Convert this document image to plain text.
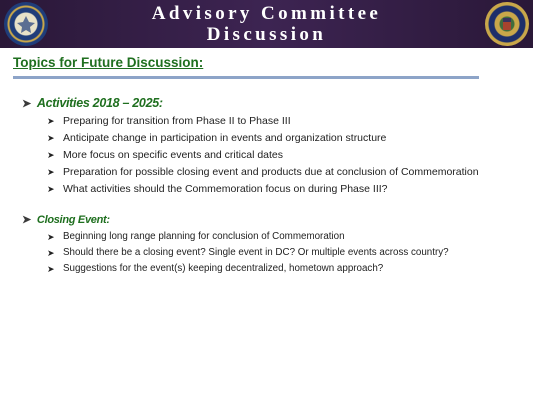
Advisory Committee
Discussion
Topics for Future Discussion:
➤ Activities 2018 – 2025:
➤ Preparing for transition from Phase II to Phase III
➤ Anticipate change in participation in events and organization structure
➤ More focus on specific events and critical dates
➤ Preparation for possible closing event and products due at conclusion of Commemoration
➤ What activities should the Commemoration focus on during Phase III?
➤ Closing Event:
➤ Beginning long range planning for conclusion of Commemoration
➤ Should there be a closing event? Single event in DC? Or multiple events across country?
➤ Suggestions for the event(s) keeping decentralized, hometown approach?
